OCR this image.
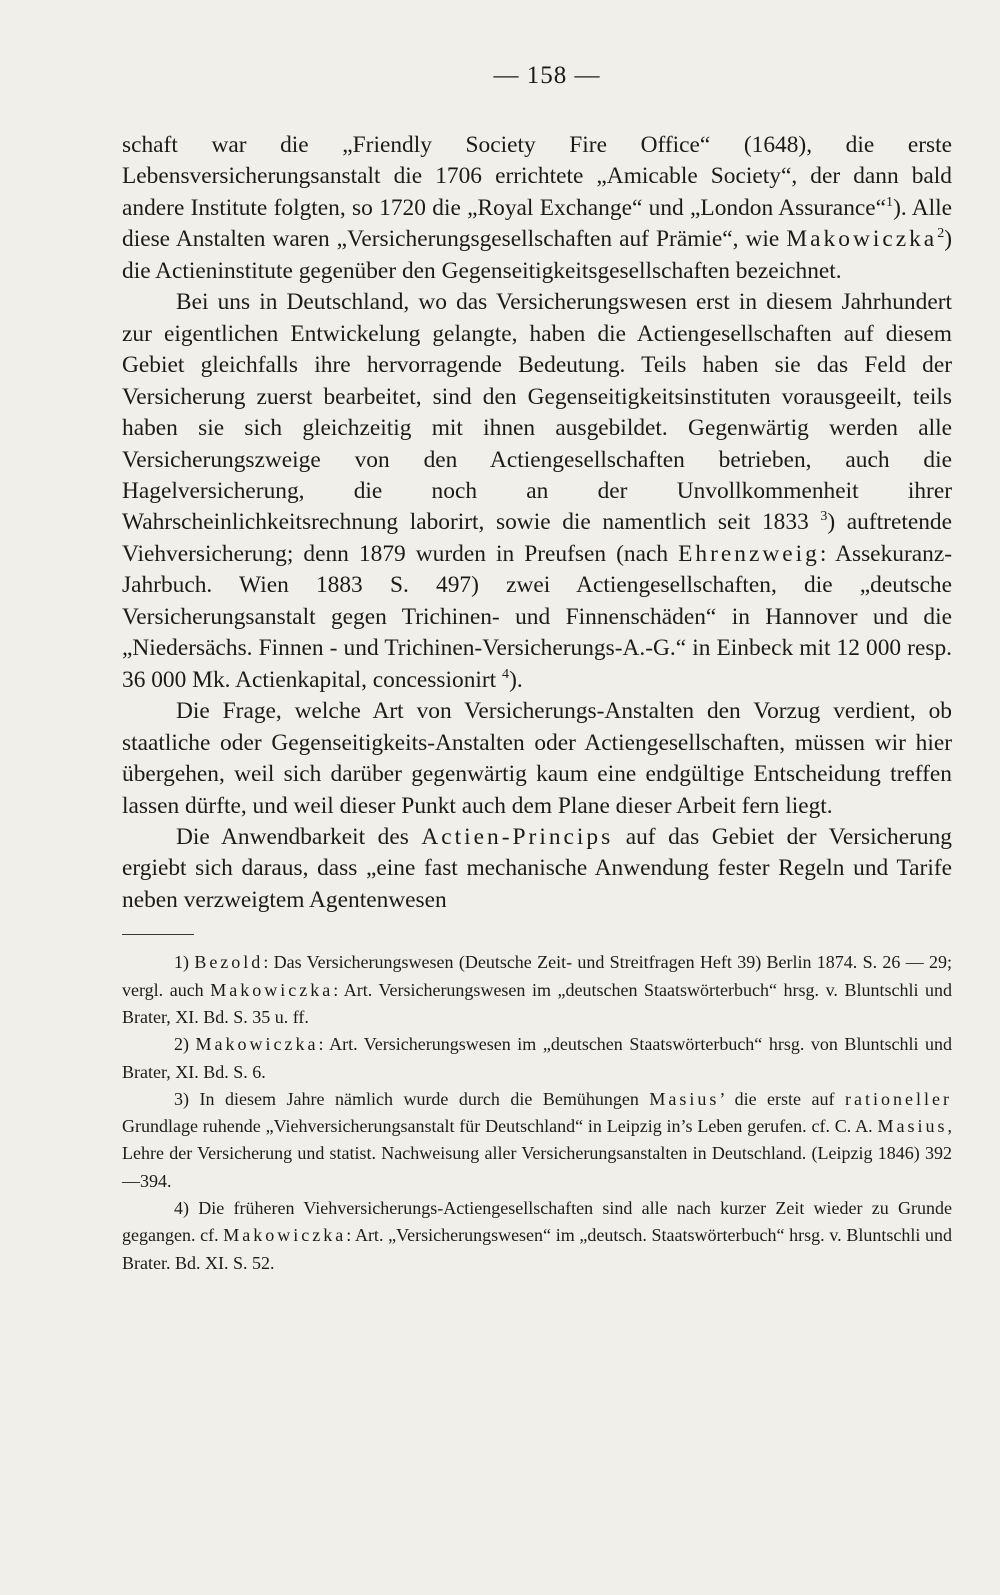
— 158 —

schaft war die „Friendly Society Fire Office“ (1648), die erste Lebensversicherungsanstalt die 1706 errichtete „Amicable Society“, der dann bald andere Institute folgten, so 1720 die „Royal Exchange“ und „London Assurance“$^1$). Alle diese Anstalten waren „Versicherungsgesellschaften auf Prämie“, wie Makowiczka$^2$) die Actieninstitute gegenüber den Gegenseitigkeitsgesellschaften bezeichnet.

Bei uns in Deutschland, wo das Versicherungswesen erst in diesem Jahrhundert zur eigentlichen Entwickelung gelangte, haben die Actiengesellschaften auf diesem Gebiet gleichfalls ihre hervorragende Bedeutung. Teils haben sie das Feld der Versicherung zuerst bearbeitet, sind den Gegenseitigkeitsinstituten vorausgeeilt, teils haben sie sich gleichzeitig mit ihnen ausgebildet. Gegenwärtig werden alle Versicherungszweige von den Actiengesellschaften betrieben, auch die Hagelversicherung, die noch an der Unvollkommenheit ihrer Wahrscheinlichkeitsrechnung laborirt, sowie die namentlich seit 1833 $^3$) auftretende Viehversicherung; denn 1879 wurden in Preufsen (nach Ehrenzweig: Assekuranz-Jahrbuch. Wien 1883 S. 497) zwei Actiengesellschaften, die „deutsche Versicherungsanstalt gegen Trichinen- und Finnenschäden“ in Hannover und die „Niedersächs. Finnen - und Trichinen-Versicherungs-A.-G.“ in Einbeck mit 12 000 resp. 36 000 Mk. Actienkapital, concessionirt $^4$).

Die Frage, welche Art von Versicherungs-Anstalten den Vorzug verdient, ob staatliche oder Gegenseitigkeits-Anstalten oder Actiengesellschaften, müssen wir hier übergehen, weil sich darüber gegenwärtig kaum eine endgültige Entscheidung treffen lassen dürfte, und weil dieser Punkt auch dem Plane dieser Arbeit fern liegt.

Die Anwendbarkeit des Actien-Princips auf das Gebiet der Versicherung ergiebt sich daraus, dass „eine fast mechanische Anwendung fester Regeln und Tarife neben verzweigtem Agentenwesen

1) Bezold: Das Versicherungswesen (Deutsche Zeit- und Streitfragen Heft 39) Berlin 1874. S. 26 — 29; vergl. auch Makowiczka: Art. Versicherungswesen im „deutschen Staatswörterbuch“ hrsg. v. Bluntschli und Brater, XI. Bd. S. 35 u. ff.

2) Makowiczka: Art. Versicherungswesen im „deutschen Staatswörterbuch“ hrsg. von Bluntschli und Brater, XI. Bd. S. 6.

3) In diesem Jahre nämlich wurde durch die Bemühungen Masius’ die erste auf rationeller Grundlage ruhende „Viehversicherungsanstalt für Deutschland“ in Leipzig in’s Leben gerufen. cf. C. A. Masius, Lehre der Versicherung und statist. Nachweisung aller Versicherungsanstalten in Deutschland. (Leipzig 1846) 392—394.

4) Die früheren Viehversicherungs-Actiengesellschaften sind alle nach kurzer Zeit wieder zu Grunde gegangen. cf. Makowiczka: Art. „Versicherungswesen“ im „deutsch. Staatswörterbuch“ hrsg. v. Bluntschli und Brater. Bd. XI. S. 52.
